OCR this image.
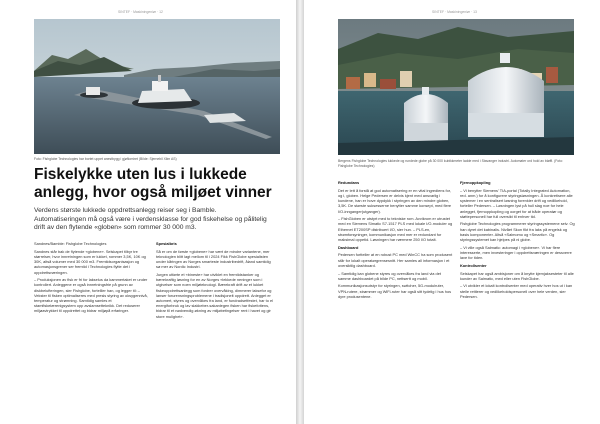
SINTEF · Maskiningeniør · 12
Foto: Fishglobe Technologies har bortet uppet anestbygg i gjøflomiret (Bilde: Sjernebil Xlim AS)
Fiskelykke uten lus i lukkede anlegg, hvor også miljøet vinner

Verdens største lukkede oppdrettsanlegg reiser seg i Bamble. Automatiseringen må også være i verdensklasse for god fiskehelse og pålitelig drift av den flytende «globen» som rommer 30 000 m3.

Sandnes/Bamble: Fishglobe Technologies

Sandnes står bak de flytende «globene». Selskapet tilbyr tre størrelser, hvor innretningen som er lukket, rommer 3,5K, 10K og 30K, altså volumer med 30 000 m3. Fremtidsorganisasjon og automasjonsgrener ser fremtid i Technologies flytte det i oppdrettsnæringen.

– Produksjonen av fisk er fri for lakselus da kammertaket er under kontrollert. Anleggene er også innretningsfrie på grunn av diskbelufteringen, sier Fishglobe, fortelller han, og legger til: – Vekster til fisken optimaliseres med presis styring av oksygennivå, temperatur og strømning. Samtidig samles et stamfiskelærenigsystem opp avslamsetteknikk. Det reduserer miljøavtrykket til oppdrettet og bidrar miljøpå erfaringer.

Spesialbris

Så er om de første «globene» har vært de mindre variantene, mer teknologien blitt lagt mellom til i 2024 Fikk FishGlobe spesialisten under kåringen av Norges smarteste industribedrift, åland samtidig sø mer av Nordic Industri.

Jurgen utførte et «bineste» har utviklet en fremtidstanker og bærekraftig løsning for en av Norges «lekkede neninger som i utgivelser som noen miljøteknologi. Bærekraft drift av et lukket fiskeoppdrettsanlegg som fordrer overvåking, dimmerer laksefor og lanser forurensningsproblemene i tradisjonelt oppdrett. Anlegget er automert, styres og overvåkes fra land, er fundradsetfestet, har to el energiforbruk og lav slakkeber-sakanlegen fisken har fiskefottens, bidrar til et nødvendig økning av miljøbetingelser rent i havet og gir store mulighet».

SINTEF · Maskiningeniør · 13
Bergens Fishglobe Technologies lukkede og rundede globe på 30 000 kubikkmeter ladde med i Stavanger industri. Automater ord hold av bløffi. (Foto: Fishglobe Technologies)

Redundans

Det er lett å forstå at god automatisering er en vital ingrediens for, og i, globen. Helge Pedersen er delvis kjent med ansvarlig i kundene, han er hove dypdykk i styringen av den mindre globen, 3,5K. De største suksesserne benytter samme konsept, med flere I/O-innganger(utganger).

– FishGloben er utstyrt med to tekniske rom. Avvikrom er utrustet med en Siemens Simatic S7-1517 PLS med lokale I/O-moduler og Ethernet ET200SP distribuert I/O, sier hun. – PLS-en, strømforsyninger, kommunikasjon med mer er redundant for maksimal oppetid. Løsningen har nærmere 250 I/O totalt.

Dashboard

Pedersen fortteller at en robust PC med WinCC ha som produsent står for lokalt operatørgrensesnitt. Her samles all informasjon i et oversiktlig dashboard.

– Samtidig kan globene styres og overvåkes fra land via det samme dashboardet på bilde PC, nettsertt og mobil.

Kommunikasjonsutstyr for styringen, switcher, 5G-modulruter, VPN-rutere, strømmer og WiFi-ruter har også sitt tydelig i hus hos dyre produsentene.

Fjernoppkopling

– Vi benytter Siemens' TIA-portal (Totally Integrated Automation, red. anm.) for å konfigurere styringsløsningen. Å konkretisere alle systemer i en sentralisert løsning forenkler drift og vedlikehold, forteller Pedersen. – Løsningen lyst på hull slag noe for hele anlegget, fjernoppkopling og oorget for at både operatør og støttepersonell har full oversikt til enhver tid.

Fishglobe Technologies programmerer styringssystemene selv. Og han dyret det kabinalis. Nivået Skon fikt fra laks på engelsk og basis komponenter. Altså «Salmomo og «Smartic». Og styringssystemet kan hjelpes på ni globe.

– Vi ville også Salmatic: automagi i «globene». Vi har flere interesserte, men investeringer i oppdrettsnæringen er dessverre lave for tiden.

Kontrollsenter

Selskapet har også ambisjoner om å knytte kjemjaksesteter til alle kunder av Salmatic, med eller uten FishGlobe.

– Vi utvikler et lokalt kontrollsenter med operativ hver hos ut i kan stelle rettlerer og vedlikeholdspersonell over hele verden, sier Pedersen.
